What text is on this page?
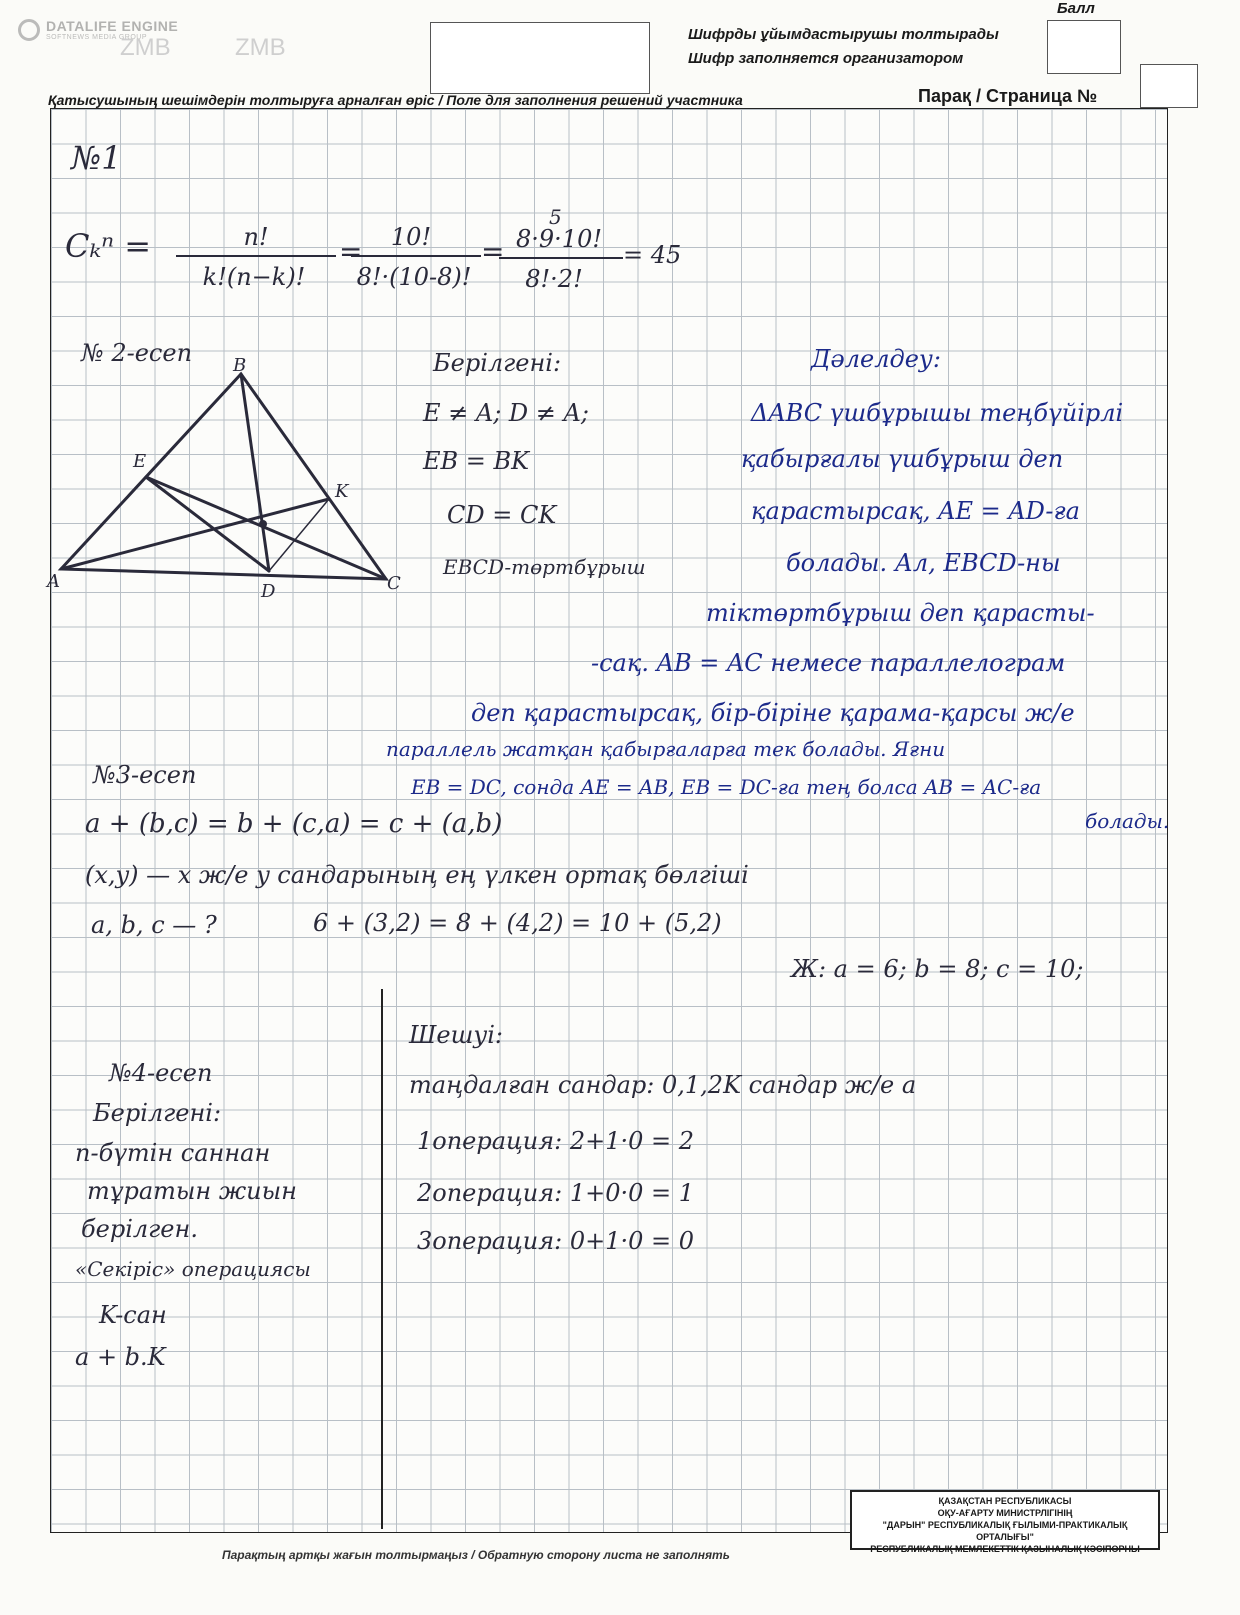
DATALIFE ENGINE
SOFTNEWS MEDIA GROUP
ZMB	ZMB	Шифрды ұйымдастырушы толтырады
Шифр заполняется организатором
Балл
Қатысушының шешімдерін толтыруға арналған өріс / Поле для заполнения решений участника	Парақ / Страница №
№1
Cₖⁿ =	n!
k!(n−k)!
=	10!
8!·(10-8)!
=
5
8·9·10!
8!·2!
= 45
№ 2-есеп B
E
K
A	D	C
Берілгені:
E ≠ A; D ≠ A;
EB = BK
CD = CK
EBCD-төртбұрыш
Дәлелдеу:
ΔABC үшбұрышы теңбүйірлі
қабырғалы үшбұрыш деп
қарастырсақ, AE = AD-ға
болады. Ал, EBCD-ны
тіктөртбұрыш деп қарасты-
-сақ. AB = AC немесе параллелограм
деп қарастырсақ, бір-біріне қарама-қарсы ж/е
параллель жатқан қабырғаларға тек болады. Яғни
EB = DC, сонда AE = AB, EB = DC-ға тең болса AB = AC-ға
болады.
№3-есеп
a + (b,c) = b + (c,a) = c + (a,b)
(x,y) — x ж/е y сандарының ең үлкен ортақ бөлгіші
a, b, c — ?	6 + (3,2) = 8 + (4,2) = 10 + (5,2)
Ж: a = 6; b = 8; c = 10;
№4-есеп
Берілгені:
n-бүтін саннан
тұратын жиын
берілген.
«Секіріс» операциясы
K-сан
a + b.K
Шешуі:
таңдалған сандар: 0,1,2K сандар ж/е a
1операция: 2+1·0 = 2
2операция: 1+0·0 = 1
3операция: 0+1·0 = 0
Парақтың артқы жағын толтырмаңыз / Обратную сторону листа не заполнять
ҚАЗАҚСТАН РЕСПУБЛИКАСЫ
ОҚУ-АҒАРТУ МИНИСТРЛІГІНІҢ
"ДАРЫН" РЕСПУБЛИКАЛЫҚ ҒЫЛЫМИ-ПРАКТИКАЛЫҚ ОРТАЛЫҒЫ"
РЕСПУБЛИКАЛЫҚ МЕМЛЕКЕТТІК ҚАЗЫНАЛЫҚ КӘСІПОРНЫ
